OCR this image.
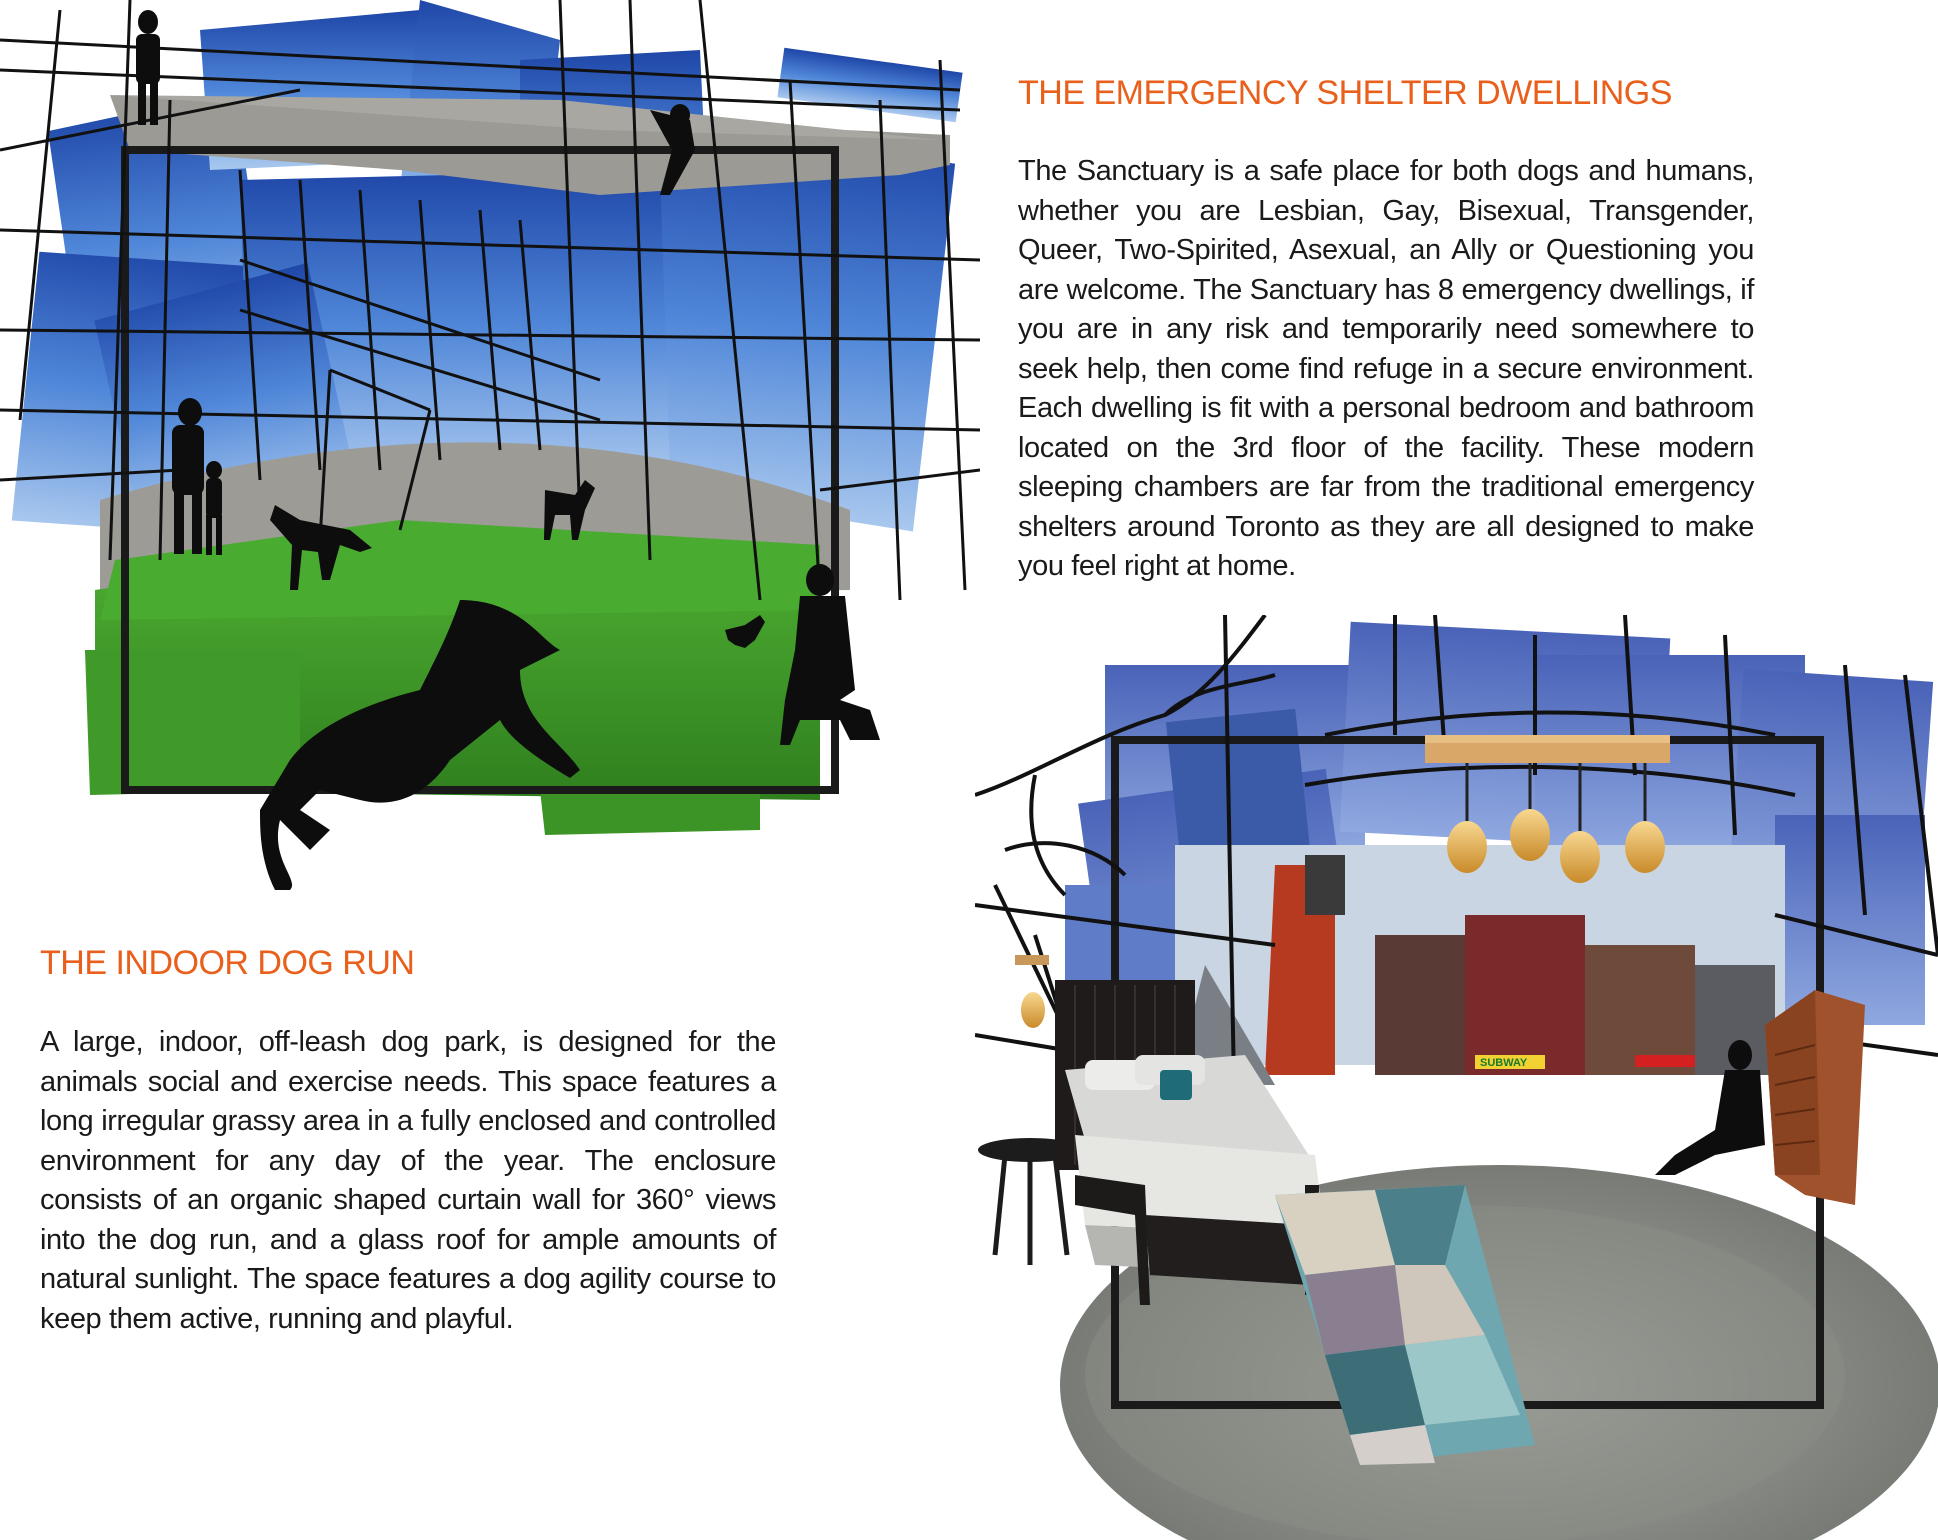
SUBWAY
THE EMERGENCY SHELTER DWELLINGS

The Sanctuary is a safe place for both dogs and humans, whether you are Lesbian, Gay, Bisexual, Transgender, Queer, Two-Spirited, Asexual, an Ally or Questioning you are welcome. The Sanctuary has 8 emergency dwellings, if you are in any risk and temporarily need somewhere to seek help, then come find refuge in a secure environment. Each dwelling is fit with a personal bedroom and bathroom located on the 3rd floor of the facility. These modern sleeping chambers are far from the traditional emergency shelters around Toronto as they are all designed to make you feel right at home.

THE INDOOR DOG RUN

A large, indoor, off-leash dog park, is designed for the animals social and exercise needs. This space features a long irregular grassy area in a fully enclosed and controlled environment for any day of the year. The enclosure consists of an organic shaped curtain wall for 360° views into the dog run, and a glass roof for ample amounts of natural sunlight. The space features a dog agility course to keep them active, running and playful.
